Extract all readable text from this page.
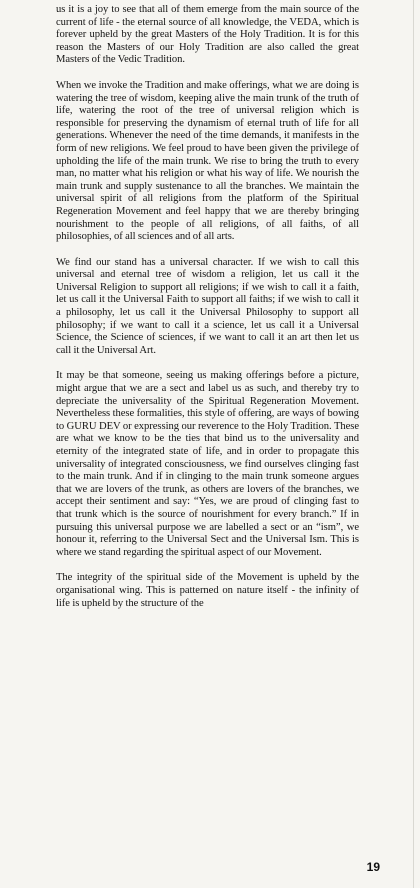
us it is a joy to see that all of them emerge from the main source of the current of life - the eternal source of all knowledge, the VEDA, which is forever upheld by the great Masters of the Holy Tradition. It is for this reason the Masters of our Holy Tradition are also called the great Masters of the Vedic Tradition.

When we invoke the Tradition and make offerings, what we are doing is watering the tree of wisdom, keeping alive the main trunk of the truth of life, watering the root of the tree of universal religion which is responsible for preserving the dynamism of eternal truth of life for all generations. Whenever the need of the time demands, it manifests in the form of new religions. We feel proud to have been given the privilege of upholding the life of the main trunk. We rise to bring the truth to every man, no matter what his religion or what his way of life. We nourish the main trunk and supply sustenance to all the branches. We maintain the universal spirit of all religions from the platform of the Spiritual Regeneration Movement and feel happy that we are thereby bringing nourishment to the people of all religions, of all faiths, of all philosophies, of all sciences and of all arts.

We find our stand has a universal character. If we wish to call this universal and eternal tree of wisdom a religion, let us call it the Universal Religion to support all religions; if we wish to call it a faith, let us call it the Universal Faith to support all faiths; if we wish to call it a philosophy, let us call it the Universal Philosophy to support all philosophy; if we want to call it a science, let us call it a Universal Science, the Science of sciences, if we want to call it an art then let us call it the Universal Art.

It may be that someone, seeing us making offerings before a picture, might argue that we are a sect and label us as such, and thereby try to depreciate the universality of the Spiritual Regeneration Movement. Nevertheless these formalities, this style of offering, are ways of bowing to GURU DEV or expressing our reverence to the Holy Tradition. These are what we know to be the ties that bind us to the universality and eternity of the integrated state of life, and in order to propagate this universality of integrated consciousness, we find ourselves clinging fast to the main trunk. And if in clinging to the main trunk someone argues that we are lovers of the trunk, as others are lovers of the branches, we accept their sentiment and say: “Yes, we are proud of clinging fast to that trunk which is the source of nourishment for every branch.” If in pursuing this universal purpose we are labelled a sect or an “ism”, we honour it, referring to the Universal Sect and the Universal Ism. This is where we stand regarding the spiritual aspect of our Movement.

The integrity of the spiritual side of the Movement is upheld by the organisational wing. This is patterned on nature itself - the infinity of life is upheld by the structure of the

19
